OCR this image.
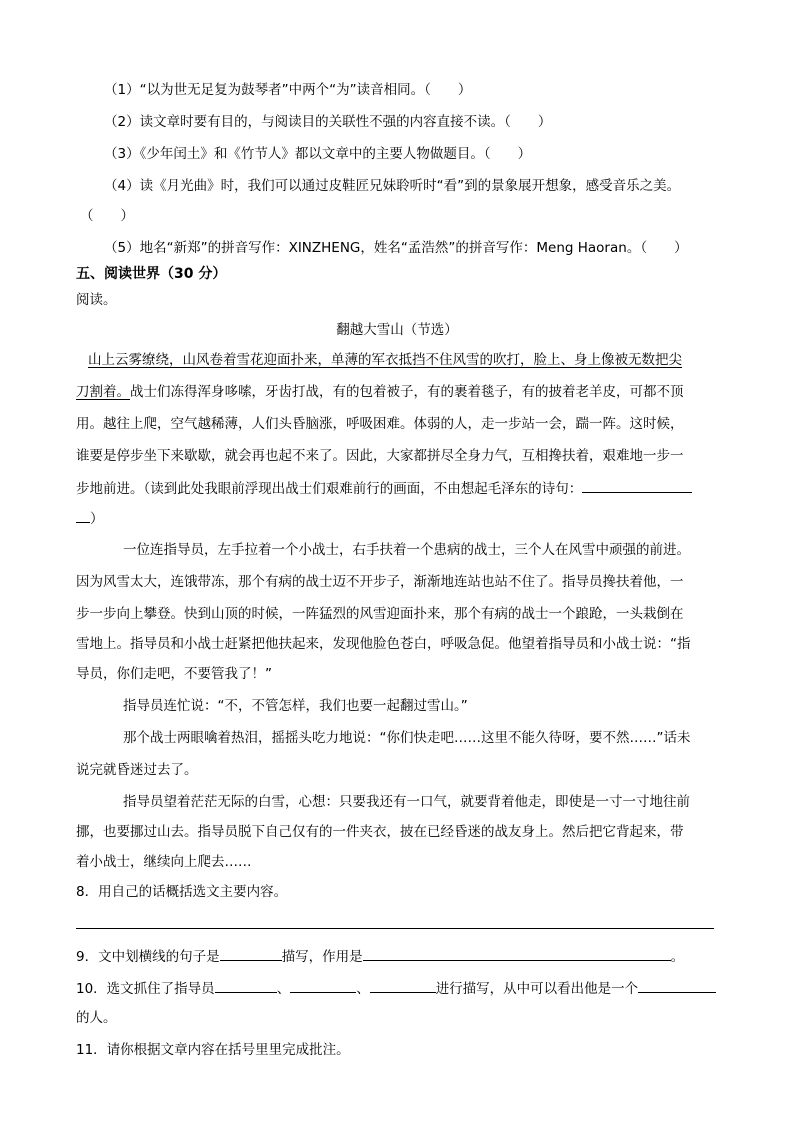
（1）“以为世无足复为鼓琴者”中两个“为”读音相同。（　　）
（2）读文章时要有目的，与阅读目的关联性不强的内容直接不读。（　　）
（3）《少年闰土》和《竹节人》都以文章中的主要人物做题目。（　　）
（4）读《月光曲》时，我们可以通过皮鞋匠兄妹聆听时“看”到的景象展开想象，感受音乐之美。
（　　）
（5）地名“新郑”的拼音写作：XINZHENG，姓名“孟浩然”的拼音写作：Meng Haoran。（　　）
五、阅读世界（30 分）
阅读。
翻越大雪山（节选）
山上云雾缭绕，山风卷着雪花迎面扑来，单薄的军衣抵挡不住风雪的吹打，脸上、身上像被无数把尖
刀割着。战士们冻得浑身哆嗦，牙齿打战，有的包着被子，有的裹着毯子，有的披着老羊皮，可都不顶
用。越往上爬，空气越稀薄，人们头昏脑涨，呼吸困难。体弱的人，走一步站一会，踹一阵。这时候，
谁要是停步坐下来歇歇，就会再也起不来了。因此，大家都拼尽全身力气，互相搀扶着，艰难地一步一
步地前进。（读到此处我眼前浮现出战士们艰难前行的画面，不由想起毛泽东的诗句：
）
一位连指导员，左手拉着一个小战士，右手扶着一个患病的战士，三个人在风雪中顽强的前进。
因为风雪太大，连饿带冻，那个有病的战士迈不开步子，渐渐地连站也站不住了。指导员搀扶着他，一
步一步向上攀登。快到山顶的时候，一阵猛烈的风雪迎面扑来，那个有病的战士一个踉跄，一头栽倒在
雪地上。指导员和小战士赶紧把他扶起来，发现他脸色苍白，呼吸急促。他望着指导员和小战士说：“指
导员，你们走吧，不要管我了！”
指导员连忙说：“不，不管怎样，我们也要一起翻过雪山。”
那个战士两眼噙着热泪，摇摇头吃力地说：“你们快走吧……这里不能久待呀，要不然……”话未
说完就昏迷过去了。
指导员望着茫茫无际的白雪，心想：只要我还有一口气，就要背着他走，即使是一寸一寸地往前
挪，也要挪过山去。指导员脱下自己仅有的一件夹衣，披在已经昏迷的战友身上。然后把它背起来，带
着小战士，继续向上爬去……
8．用自己的话概括选文主要内容。
9．文中划横线的句子是	描写，作用是	。
10．选文抓住了指导员	、	、	进行描写，从中可以看出他是一个
的人。
11．请你根据文章内容在括号里里完成批注。
